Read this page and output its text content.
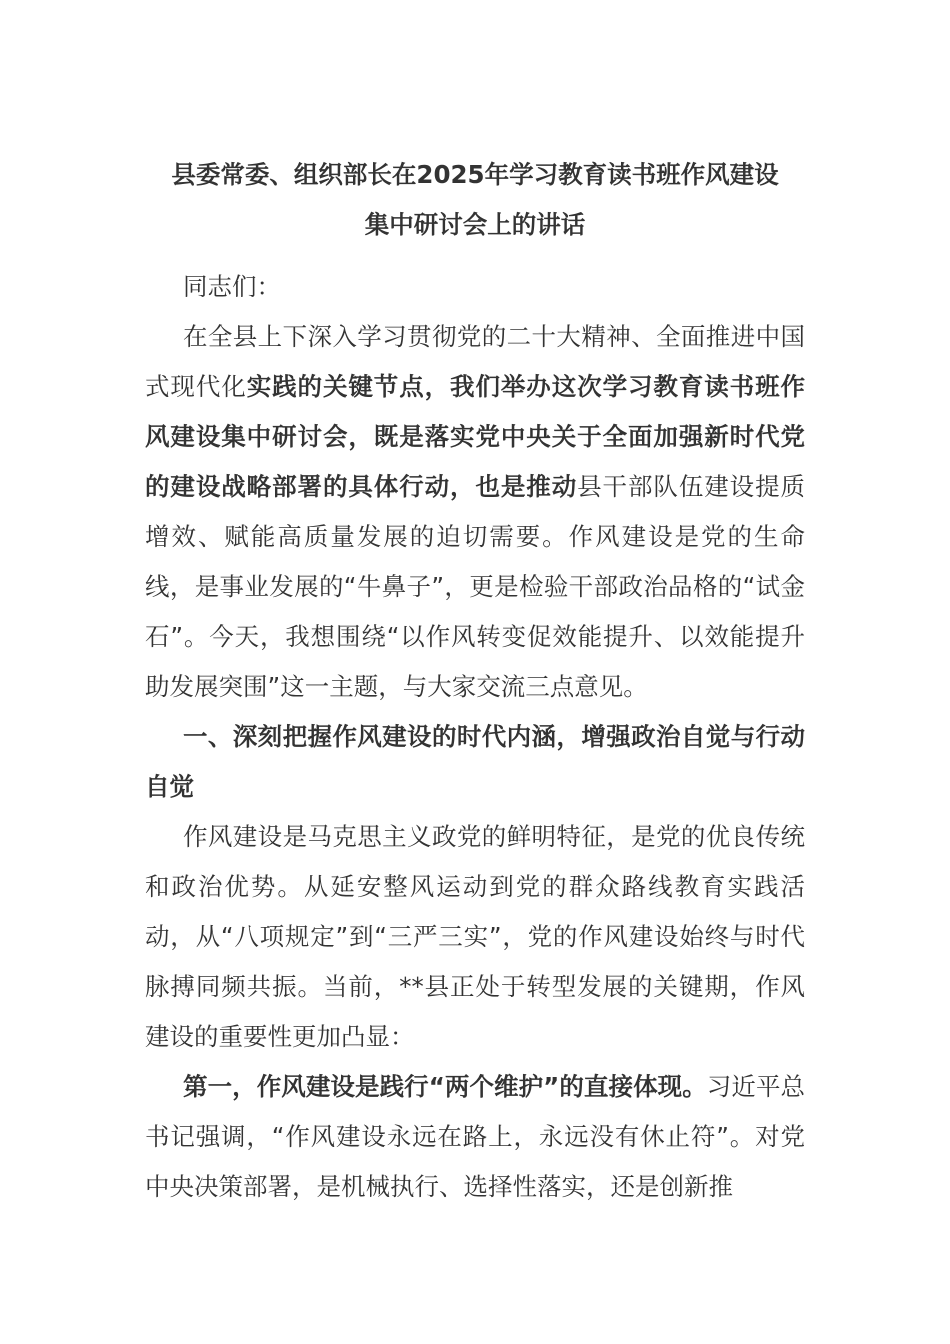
县委常委、组织部长在2025年学习教育读书班作风建设
集中研讨会上的讲话

同志们：

在全县上下深入学习贯彻党的二十大精神、全面推进中国式现代化实践的关键节点，我们举办这次学习教育读书班作风建设集中研讨会，既是落实党中央关于全面加强新时代党的建设战略部署的具体行动，也是推动县干部队伍建设提质增效、赋能高质量发展的迫切需要。作风建设是党的生命线，是事业发展的“牛鼻子”，更是检验干部政治品格的“试金石”。今天，我想围绕“以作风转变促效能提升、以效能提升助发展突围”这一主题，与大家交流三点意见。

一、深刻把握作风建设的时代内涵，增强政治自觉与行动自觉

作风建设是马克思主义政党的鲜明特征，是党的优良传统和政治优势。从延安整风运动到党的群众路线教育实践活动，从“八项规定”到“三严三实”，党的作风建设始终与时代脉搏同频共振。当前，**县正处于转型发展的关键期，作风建设的重要性更加凸显：

第一，作风建设是践行“两个维护”的直接体现。习近平总书记强调，“作风建设永远在路上，永远没有休止符”。对党中央决策部署，是机械执行、选择性落实，还是创新推
